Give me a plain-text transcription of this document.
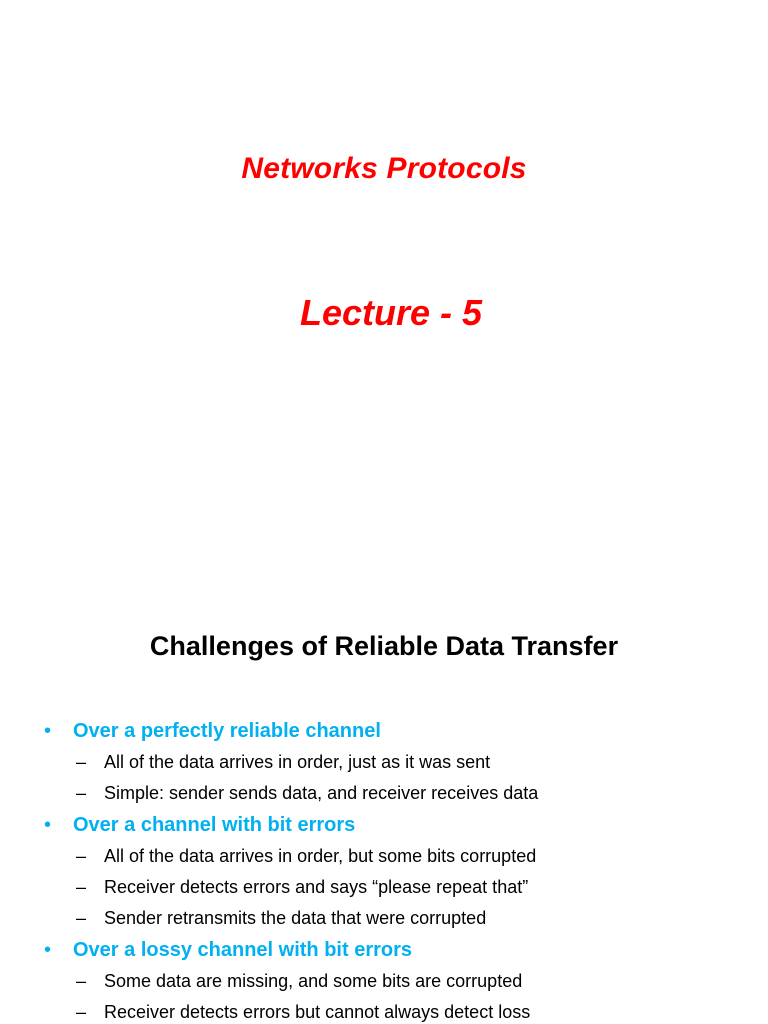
Networks Protocols
Lecture - 5
Challenges of Reliable Data Transfer
• Over a perfectly reliable channel
– All of the data arrives in order, just as it was sent
– Simple: sender sends data, and receiver receives data
• Over a channel with bit errors
– All of the data arrives in order, but some bits corrupted
– Receiver detects errors and says “please repeat that”
– Sender retransmits the data that were corrupted
• Over a lossy channel with bit errors
– Some data are missing, and some bits are corrupted
– Receiver detects errors but cannot always detect loss
